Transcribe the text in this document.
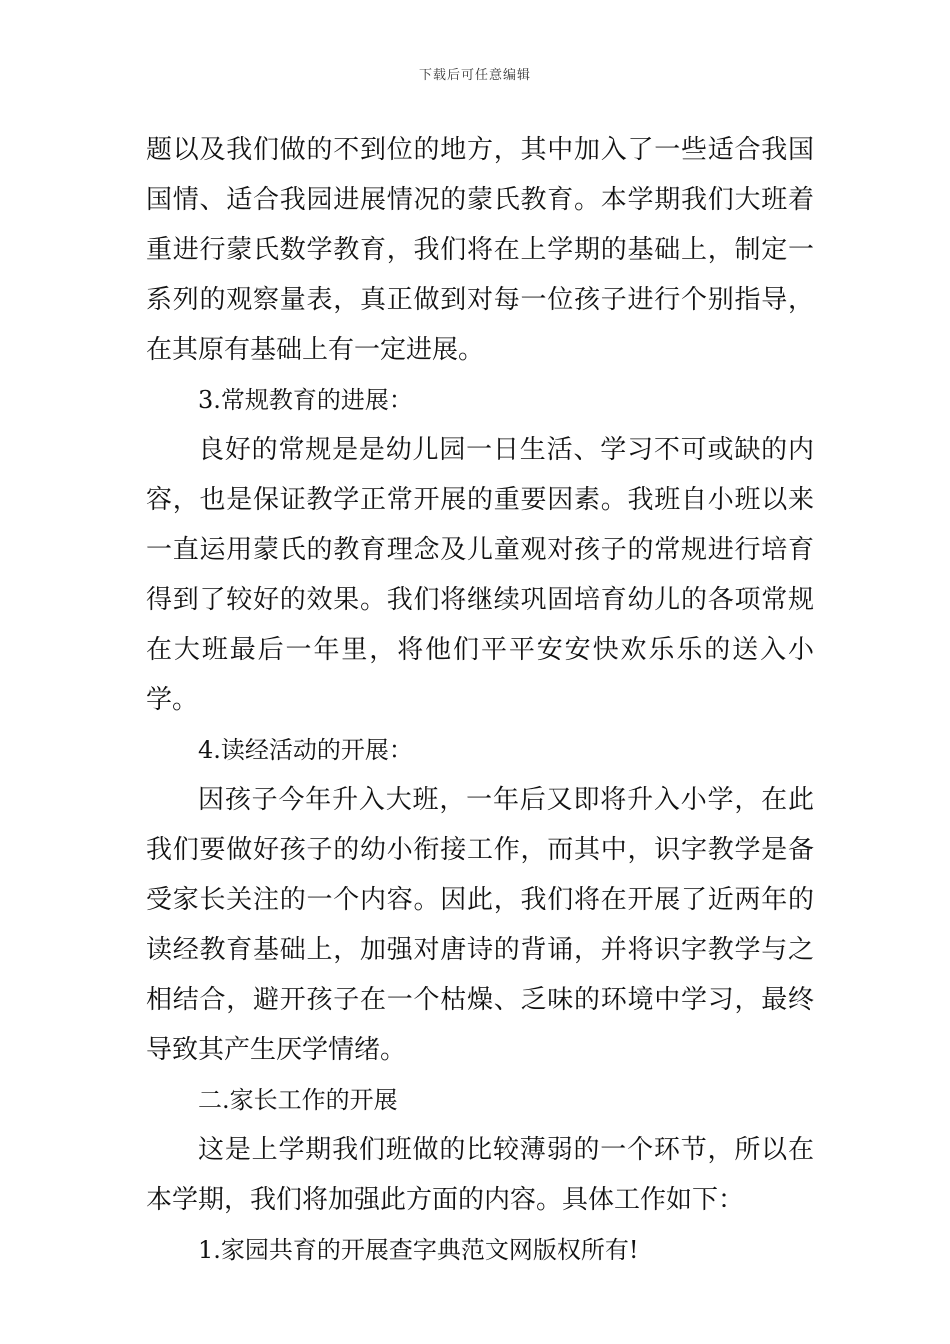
下载后可任意编辑

题以及我们做的不到位的地方，其中加入了一些适合我国国情、适合我园进展情况的蒙氏教育。本学期我们大班着重进行蒙氏数学教育，我们将在上学期的基础上，制定一系列的观察量表，真正做到对每一位孩子进行个别指导，在其原有基础上有一定进展。

3.常规教育的进展：

良好的常规是是幼儿园一日生活、学习不可或缺的内容，也是保证教学正常开展的重要因素。我班自小班以来一直运用蒙氏的教育理念及儿童观对孩子的常规进行培育得到了较好的效果。我们将继续巩固培育幼儿的各项常规在大班最后一年里，将他们平平安安快欢乐乐的送入小学。

4.读经活动的开展：

因孩子今年升入大班，一年后又即将升入小学，在此我们要做好孩子的幼小衔接工作，而其中，识字教学是备受家长关注的一个内容。因此，我们将在开展了近两年的读经教育基础上，加强对唐诗的背诵，并将识字教学与之相结合，避开孩子在一个枯燥、乏味的环境中学习，最终导致其产生厌学情绪。

二.家长工作的开展

这是上学期我们班做的比较薄弱的一个环节，所以在本学期，我们将加强此方面的内容。具体工作如下：

1.家园共育的开展查字典范文网版权所有!
